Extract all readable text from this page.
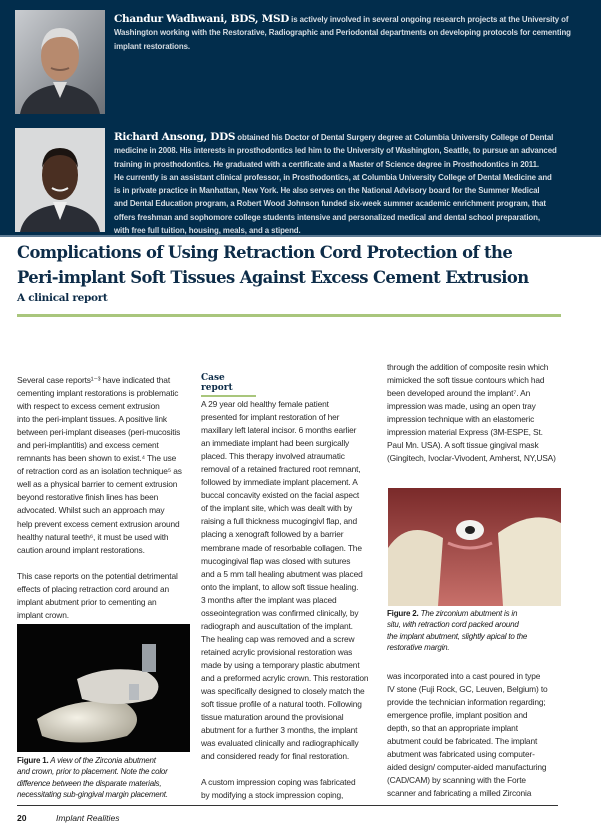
Chandur Wadhwani, BDS, MSD is actively involved in several ongoing research projects at the University of
Washington working with the Restorative, Radiographic and Periodontal departments on developing protocols for cementing
implant restorations.
Richard Ansong, DDS obtained his Doctor of Dental Surgery degree at Columbia University College of Dental
medicine in 2008. His interests in prosthodontics led him to the University of Washington, Seattle, to pursue an advanced
training in prosthodontics. He graduated with a certificate and a Master of Science degree in Prosthodontics in 2011.
He currently is an assistant clinical professor, in Prosthodontics, at Columbia University College of Dental Medicine and
is in private practice in Manhattan, New York. He also serves on the National Advisory board for the Summer Medical
and Dental Education program, a Robert Wood Johnson funded six-week summer academic enrichment program, that
offers freshman and sophomore college students intensive and personalized medical and dental school preparation,
with free full tuition, housing, meals, and a stipend.
Complications of Using Retraction Cord Protection of the
Peri-implant Soft Tissues Against Excess Cement Extrusion
A clinical report
Several case reports¹⁻³ have indicated that
cementing implant restorations is problematic
with respect to excess cement extrusion
into the peri-implant tissues. A positive link
between peri-implant diseases (peri-mucositis
and peri-implantitis) and excess cement
remnants has been shown to exist.⁴ The use
of retraction cord as an isolation technique⁵ as
well as a physical barrier to cement extrusion
beyond restorative finish lines has been
advocated. Whilst such an approach may
help prevent excess cement extrusion around
healthy natural teeth⁶, it must be used with
caution around implant restorations.
This case reports on the potential detrimental
effects of placing retraction cord around an
implant abutment prior to cementing an
implant crown.
Case report
A 29 year old healthy female patient
presented for implant restoration of her
maxillary left lateral incisor. 6 months earlier
an immediate implant had been surgically
placed. This therapy involved atraumatic
removal of a retained fractured root remnant,
followed by immediate implant placement. A
buccal concavity existed on the facial aspect
of the implant site, which was dealt with by
raising a full thickness mucogingivl flap, and
placing a xenograft followed by a barrier
membrane made of resorbable collagen. The
mucogingival flap was closed with sutures
and a 5 mm tall healing abutment was placed
onto the implant, to allow soft tissue healing.
3 months after the implant was placed
osseointegration was confirmed clinically, by
radiograph and auscultation of the implant.
The healing cap was removed and a screw
retained acrylic provisional restoration was
made by using a temporary plastic abutment
and a preformed acrylic crown. This restoration
was specifically designed to closely match the
soft tissue profile of a natural tooth. Following
tissue maturation around the provisional
abutment for a further 3 months, the implant
was evaluated clinically and radiographically
and considered ready for final restoration.
A custom impression coping was fabricated
by modifying a stock impression coping,
through the addition of composite resin which
mimicked the soft tissue contours which had
been developed around the implant⁷. An
impression was made, using an open tray
impression technique with an elastomeric
impression material Express (3M-ESPE, St.
Paul Mn. USA). A soft tissue gingival mask
(Gingitech, Ivoclar-Vivodent, Amherst, NY,USA)
was incorporated into a cast poured in type
IV stone (Fuji Rock, GC, Leuven, Belgium) to
provide the technician information regarding;
emergence profile, implant position and
depth, so that an appropriate implant
abutment could be fabricated. The implant
abutment was fabricated using computer-
aided design/ computer-aided manufacturing
(CAD/CAM) by scanning with the Forte
scanner and fabricating a milled Zirconia
Figure 1. A view of the Zirconia abutment
and crown, prior to placement. Note the color
difference between the disparate materials,
necessitating sub-gingival margin placement.
Figure 2. The zirconium abutment is in
situ, with retraction cord packed around
the implant abutment, slightly apical to the
restorative margin.
20	Implant Realities
